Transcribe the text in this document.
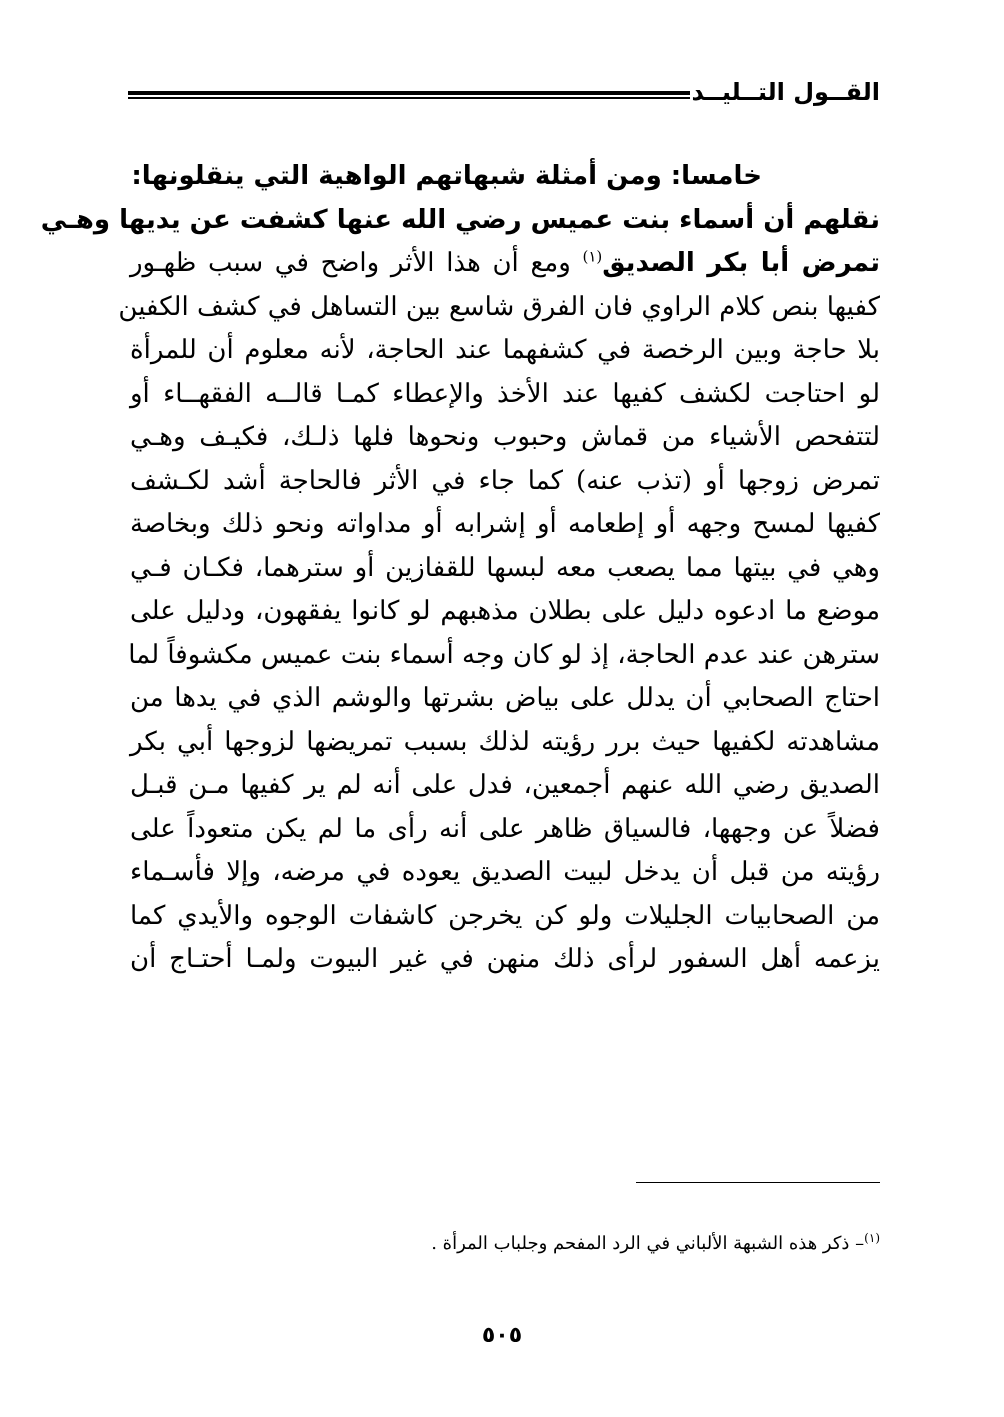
القــول التــليــد
خامسا: ومن أمثلة شبهاتهم الواهية التي ينقلونها:
نقلهم أن أسماء بنت عميس رضي الله عنها كشفت عن يديها وهـي
تمرض أبا بكر الصديق$^{(١)}$ ومع أن هذا الأثر واضح في سبب ظهـور
كفيها بنص كلام الراوي فان الفرق شاسع بين التساهل في كشف الكفين
بلا حاجة وبين الرخصة في كشفهما عند الحاجة، لأنه معلوم أن للمرأة
لو احتاجت لكشف كفيها عند الأخذ والإعطاء كمـا قالــه الفقهــاء أو
لتتفحص الأشياء من قماش وحبوب ونحوها فلها ذلـك، فكيـف وهـي
تمرض زوجها أو (تذب عنه) كما جاء في الأثر فالحاجة أشد لكـشف
كفيها لمسح وجهه أو إطعامه أو إشرابه أو مداواته ونحو ذلك وبخاصة
وهي في بيتها مما يصعب معه لبسها للقفازين أو سترهما، فكـان فـي
موضع ما ادعوه دليل على بطلان مذهبهم لو كانوا يفقهون، ودليل على
سترهن عند عدم الحاجة، إذ لو كان وجه أسماء بنت عميس مكشوفاً لما
احتاج الصحابي أن يدلل على بياض بشرتها والوشم الذي في يدها من
مشاهدته لكفيها حيث برر رؤيته لذلك بسبب تمريضها لزوجها أبي بكر
الصديق رضي الله عنهم أجمعين، فدل على أنه لم ير كفيها مـن قبـل
فضلاً عن وجهها، فالسياق ظاهر على أنه رأى ما لم يكن متعوداً على
رؤيته من قبل أن يدخل لبيت الصديق يعوده في مرضه، وإلا فأسـماء
من الصحابيات الجليلات ولو كن يخرجن كاشفات الوجوه والأيدي كما
يزعمه أهل السفور لرأى ذلك منهن في غير البيوت ولمـا أحتـاج أن
$^{(١)}$– ذكر هذه الشبهة الألباني في الرد المفحم وجلباب المرأة .
٥٠٥
